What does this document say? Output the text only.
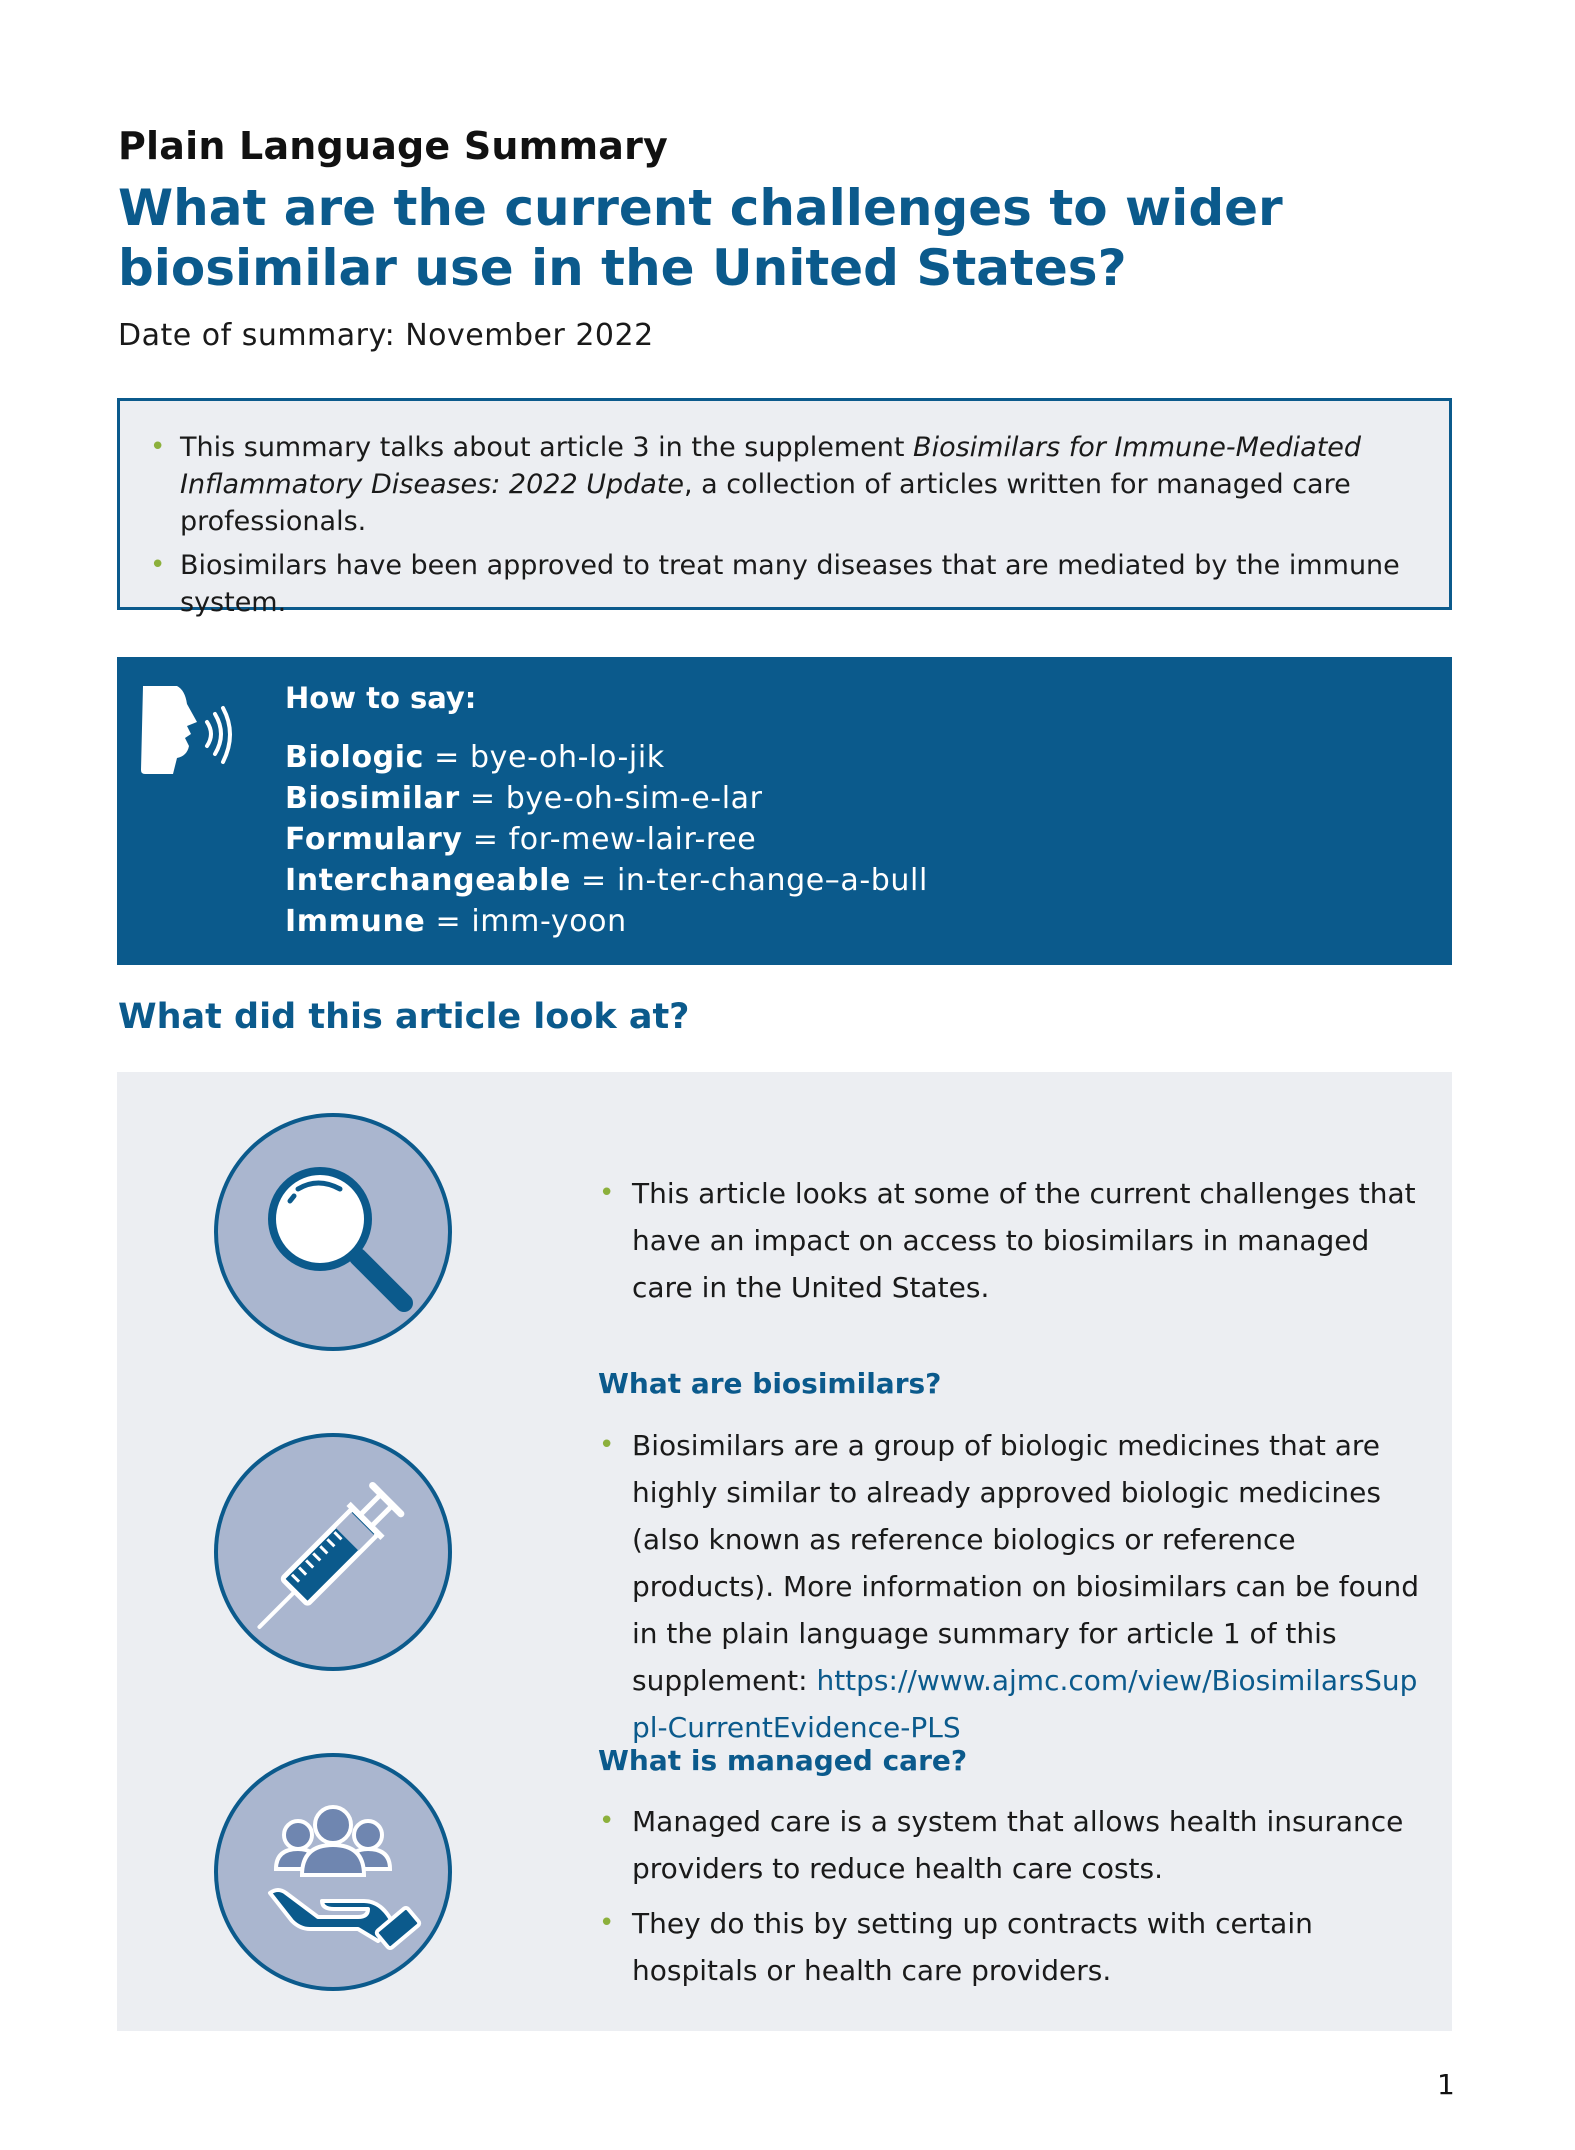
Plain Language Summary
What are the current challenges to wider biosimilar use in the United States?
Date of summary: November 2022
• This summary talks about article 3 in the supplement Biosimilars for Immune-Mediated Inflammatory Diseases: 2022 Update, a collection of articles written for managed care professionals.
• Biosimilars have been approved to treat many diseases that are mediated by the immune system.
How to say:
Biologic = bye-oh-lo-jik
Biosimilar = bye-oh-sim-e-lar
Formulary = for-mew-lair-ree
Interchangeable = in-ter-change–a-bull
Immune = imm-yoon
What did this article look at?
• This article looks at some of the current challenges that have an impact on access to biosimilars in managed care in the United States.
What are biosimilars?
• Biosimilars are a group of biologic medicines that are highly similar to already approved biologic medicines (also known as reference biologics or reference products). More information on biosimilars can be found in the plain language summary for article 1 of this supplement: https://www.ajmc.com/view/BiosimilarsSuppl-CurrentEvidence-PLS
What is managed care?
• Managed care is a system that allows health insurance providers to reduce health care costs.
• They do this by setting up contracts with certain hospitals or health care providers.
1
